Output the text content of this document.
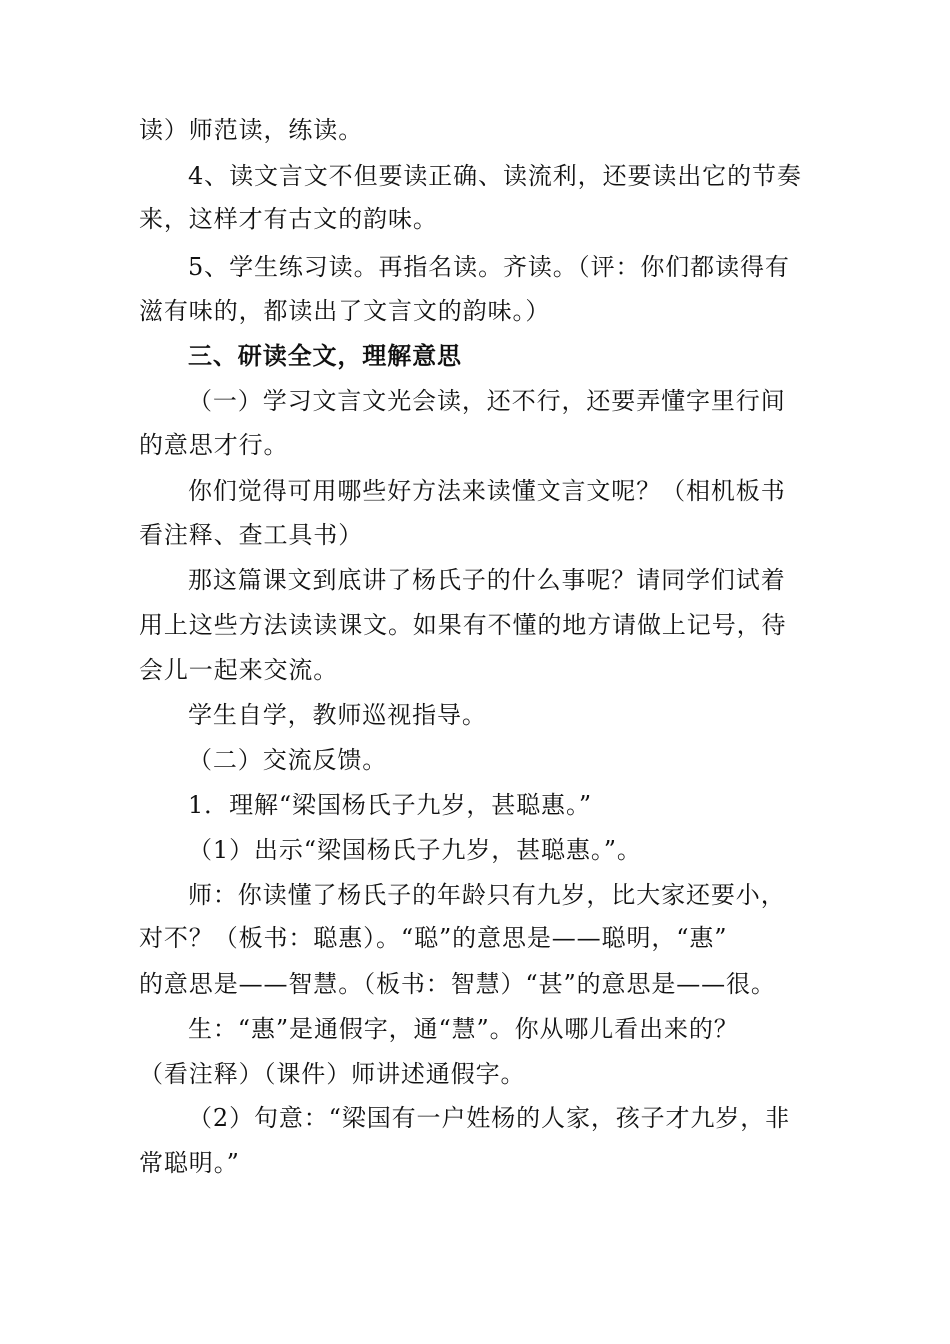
读）师范读，练读。
4、读文言文不但要读正确、读流利，还要读出它的节奏
来，这样才有古文的韵味。
5、学生练习读。再指名读。齐读。（评：你们都读得有
滋有味的，都读出了文言文的韵味。）
三、研读全文，理解意思
（一）学习文言文光会读，还不行，还要弄懂字里行间
的意思才行。
你们觉得可用哪些好方法来读懂文言文呢？（相机板书
看注释、查工具书）
那这篇课文到底讲了杨氏子的什么事呢？请同学们试着
用上这些方法读读课文。如果有不懂的地方请做上记号，待
会儿一起来交流。
学生自学，教师巡视指导。
（二）交流反馈。
1．理解“梁国杨氏子九岁，甚聪惠。”
（1）出示“梁国杨氏子九岁，甚聪惠。”。
师：你读懂了杨氏子的年龄只有九岁，比大家还要小，
对不？（板书：聪惠）。“聪”的意思是——聪明，“惠”
的意思是——智慧。（板书：智慧）“甚”的意思是——很。
生：“惠”是通假字，通“慧”。你从哪儿看出来的？
（看注释）（课件）师讲述通假字。
（2）句意：“梁国有一户姓杨的人家，孩子才九岁，非
常聪明。”
